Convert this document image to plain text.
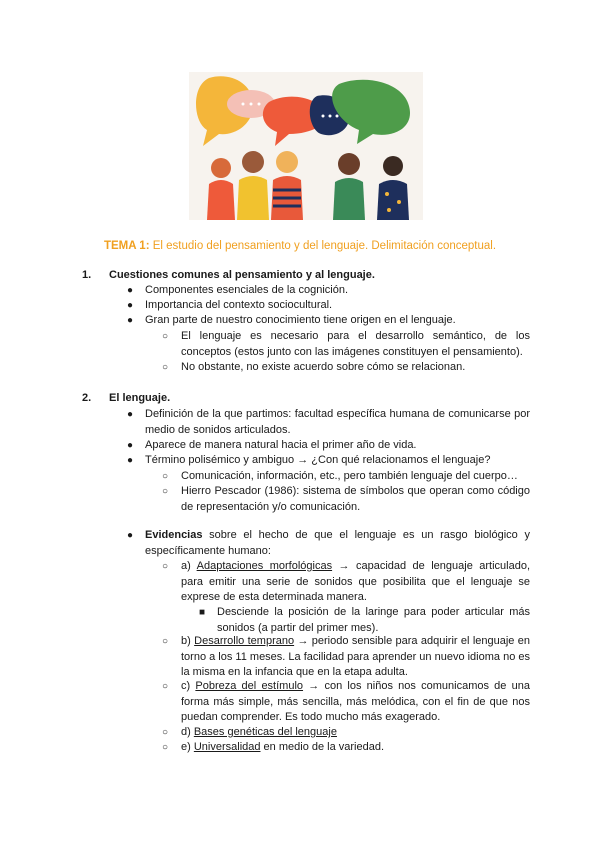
TEMA 1: El estudio del pensamiento y del lenguaje. Delimitación conceptual.
1. Cuestiones comunes al pensamiento y al lenguaje.
● Componentes esenciales de la cognición.
● Importancia del contexto sociocultural.
● Gran parte de nuestro conocimiento tiene origen en el lenguaje.
○ El lenguaje es necesario para el desarrollo semántico, de los conceptos (estos junto con las imágenes constituyen el pensamiento).
○ No obstante, no existe acuerdo sobre cómo se relacionan.
2. El lenguaje.
● Definición de la que partimos: facultad específica humana de comunicarse por medio de sonidos articulados.
● Aparece de manera natural hacia el primer año de vida.
● Término polisémico y ambiguo → ¿Con qué relacionamos el lenguaje?
○ Comunicación, información, etc., pero también lenguaje del cuerpo…
○ Hierro Pescador (1986): sistema de símbolos que operan como código de representación y/o comunicación.
● Evidencias sobre el hecho de que el lenguaje es un rasgo biológico y específicamente humano:
○ a) Adaptaciones morfológicas → capacidad de lenguaje articulado, para emitir una serie de sonidos que posibilita que el lenguaje se exprese de esta determinada manera.
■ Desciende la posición de la laringe para poder articular más sonidos (a partir del primer mes).
○ b) Desarrollo temprano → periodo sensible para adquirir el lenguaje en torno a los 11 meses. La facilidad para aprender un nuevo idioma no es la misma en la infancia que en la etapa adulta.
○ c) Pobreza del estímulo → con los niños nos comunicamos de una forma más simple, más sencilla, más melódica, con el fin de que nos puedan comprender. Es todo mucho más exagerado.
○ d) Bases genéticas del lenguaje
○ e) Universalidad en medio de la variedad.
